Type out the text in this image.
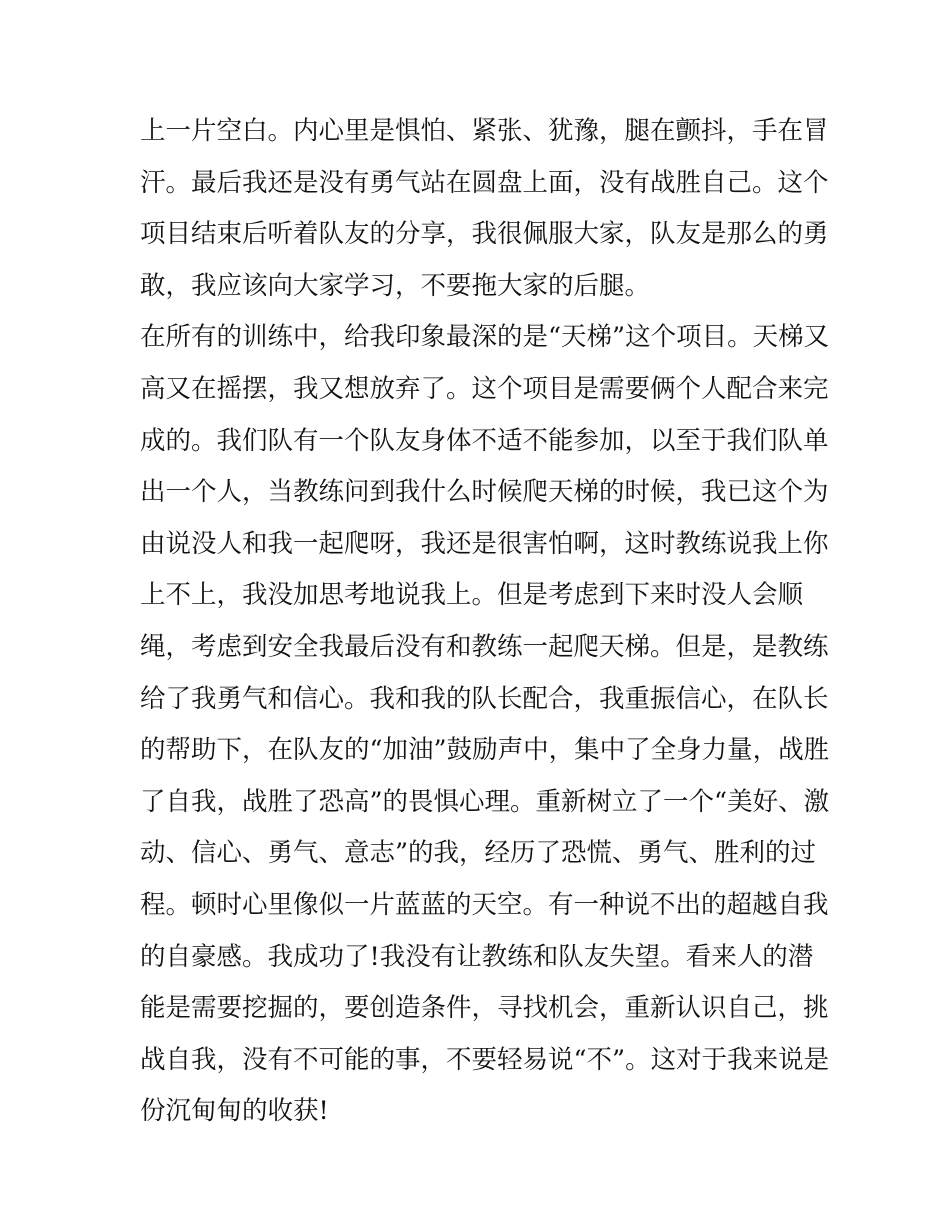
上一片空白。内心里是惧怕、紧张、犹豫，腿在颤抖，手在冒
汗。最后我还是没有勇气站在圆盘上面，没有战胜自己。这个
项目结束后听着队友的分享，我很佩服大家，队友是那么的勇
敢，我应该向大家学习，不要拖大家的后腿。
在所有的训练中，给我印象最深的是“天梯”这个项目。天梯又
高又在摇摆，我又想放弃了。这个项目是需要俩个人配合来完
成的。我们队有一个队友身体不适不能参加，以至于我们队单
出一个人，当教练问到我什么时候爬天梯的时候，我已这个为
由说没人和我一起爬呀，我还是很害怕啊，这时教练说我上你
上不上，我没加思考地说我上。但是考虑到下来时没人会顺
绳，考虑到安全我最后没有和教练一起爬天梯。但是，是教练
给了我勇气和信心。我和我的队长配合，我重振信心，在队长
的帮助下，在队友的“加油”鼓励声中，集中了全身力量，战胜
了自我，战胜了恐高”的畏惧心理。重新树立了一个“美好、激
动、信心、勇气、意志”的我，经历了恐慌、勇气、胜利的过
程。顿时心里像似一片蓝蓝的天空。有一种说不出的超越自我
的自豪感。我成功了!我没有让教练和队友失望。看来人的潜
能是需要挖掘的，要创造条件，寻找机会，重新认识自己，挑
战自我，没有不可能的事，不要轻易说“不”。这对于我来说是
份沉甸甸的收获!
